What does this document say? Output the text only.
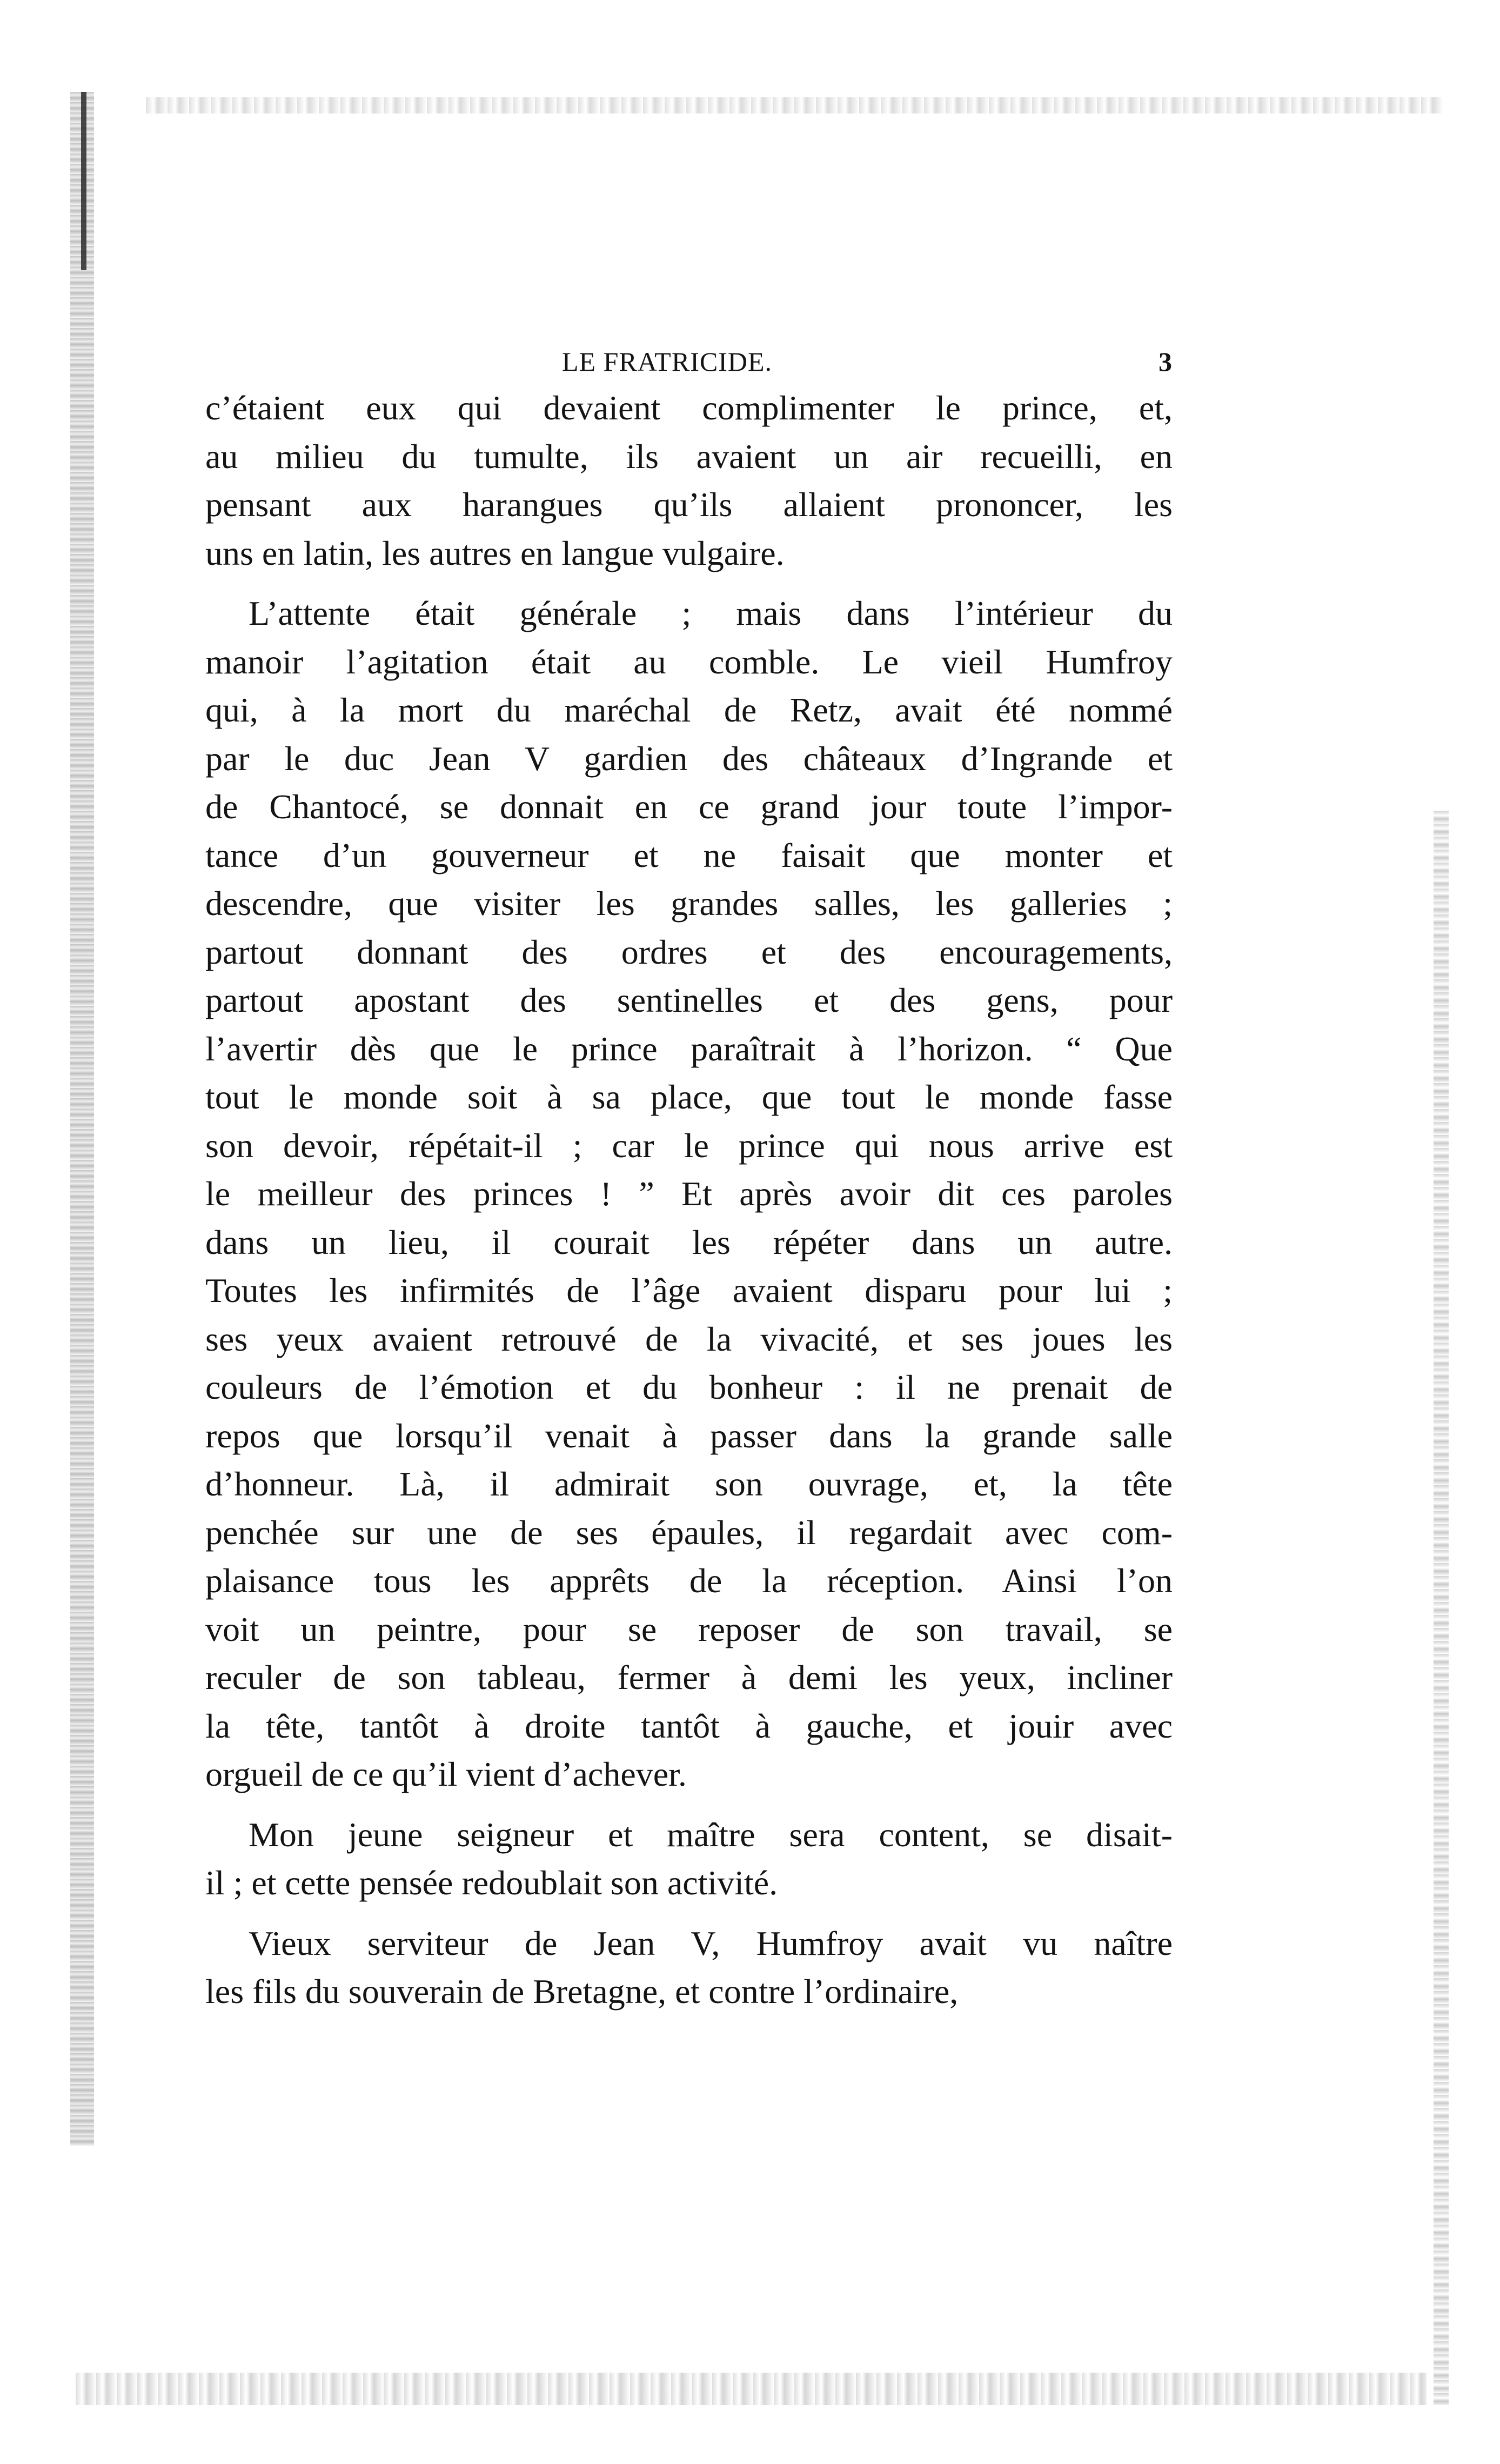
LE FRATRICIDE.	3

c’étaient eux qui devaient complimenter le prince, et,
au milieu du tumulte, ils avaient un air recueilli, en
pensant aux harangues qu’ils allaient prononcer, les
uns en latin, les autres en langue vulgaire.

L’attente était générale ; mais dans l’intérieur du
manoir l’agitation était au comble. Le vieil Humfroy
qui, à la mort du maréchal de Retz, avait été nommé
par le duc Jean V gardien des châteaux d’Ingrande et
de Chantocé, se donnait en ce grand jour toute l’impor-
tance d’un gouverneur et ne faisait que monter et
descendre, que visiter les grandes salles, les galleries ;
partout donnant des ordres et des encouragements,
partout apostant des sentinelles et des gens, pour
l’avertir dès que le prince paraîtrait à l’horizon. “ Que
tout le monde soit à sa place, que tout le monde fasse
son devoir, répétait-il ; car le prince qui nous arrive est
le meilleur des princes ! ” Et après avoir dit ces paroles
dans un lieu, il courait les répéter dans un autre.
Toutes les infirmités de l’âge avaient disparu pour lui ;
ses yeux avaient retrouvé de la vivacité, et ses joues les
couleurs de l’émotion et du bonheur : il ne prenait de
repos que lorsqu’il venait à passer dans la grande salle
d’honneur. Là, il admirait son ouvrage, et, la tête
penchée sur une de ses épaules, il regardait avec com-
plaisance tous les apprêts de la réception. Ainsi l’on
voit un peintre, pour se reposer de son travail, se
reculer de son tableau, fermer à demi les yeux, incliner
la tête, tantôt à droite tantôt à gauche, et jouir avec
orgueil de ce qu’il vient d’achever.

Mon jeune seigneur et maître sera content, se disait-
il ; et cette pensée redoublait son activité.

Vieux serviteur de Jean V, Humfroy avait vu naître
les fils du souverain de Bretagne, et contre l’ordinaire,
